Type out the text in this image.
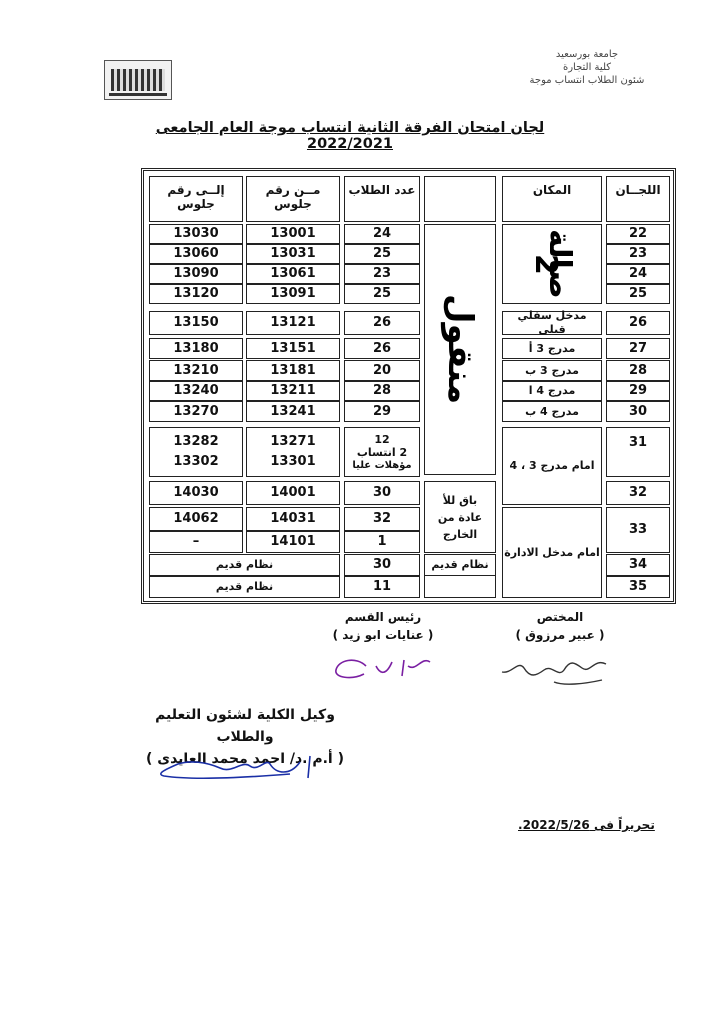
جامعة بورسعيد
كلية التجارة
شئون الطلاب انتساب موجة
لجان امتحان الفرقة الثانية انتساب موجة العام الجامعى 2022/2021
اللجــان
المكان
عدد الطلاب
مــن رقم جلوس
إلــى رقم جلوس
22
23
24
25
26
27
28
29
30
31
32
33
34
35
صالة 2
مدخل سفلي قبلى
مدرج 3 أ
مدرج 3 ب
مدرج 4 ا
مدرج 4 ب
امام مدرج 3 ، 4
امام مدخل الادارة
منقول
باق للأ عادة من الخارج
نظام قديم
24
25
23
25
26
26
20
28
29
12
2 انتساب
مؤهلات عليا
30
32
1
30
11
13001
13031
13061
13091
13121
13151
13181
13211
13241
13271
13301
14001
14031
14101
13030
13060
13090
13120
13150
13180
13210
13240
13270
13282
13302
14030
14062
–
نظام قديم
نظام قديم
المختص
( عبير مرزوق )
رئيس القسم
( عنايات ابو زيد )
وكيل الكلية لشئون التعليم والطلاب
( أ.م .د/ احمد محمد العايدى )
تحريراً فى 2022/5/26.
